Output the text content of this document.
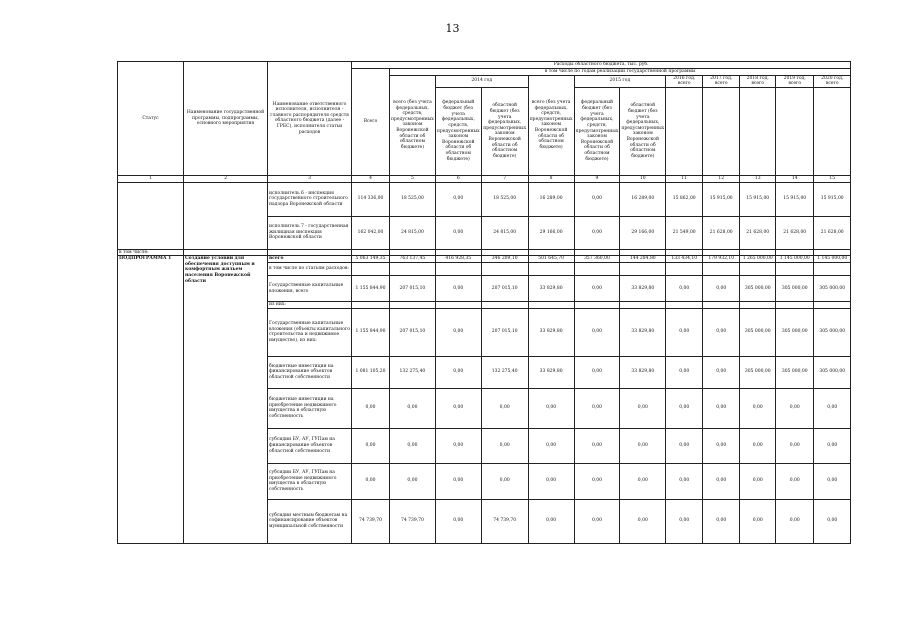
13
Статус	Наименование государственной программы, подпрограммы, основного мероприятия	Наименование ответственного исполнителя, исполнителя - главного распорядителя средств областного бюджета (далее - ГРБС), исполнителя статьи расходов	Расходы областного бюджета, тыс. руб.											
			Всего	в том числе по годам реализации государственной программы										
				всего (без учета федеральных, средств, предусмотренных законом Воронежской области об областном бюджете)	2014 год		всего (без учета федеральных, средств, предусмотренных законом Воронежской области об областном бюджете)	2015 год		2016 год, всего	2017 год, всего	2018 год, всего	2019 год, всего	2020 год, всего
					федеральный бюджет (без учета федеральных, средств, предусмотренных законом Воронежской области об областном бюджете)	областной бюджет (без учета федеральных, предусмотренных законом Воронежской области об областном бюджете)		федеральный бюджет (без учета федеральных, средств, предусмотренных законом Воронежской области об областном бюджете)	областной бюджет (без учета федеральных, предусмотренных законом Воронежской области об областном бюджете)					
1	2	3	4	5	6	7	8	9	10	11	12	13	14	15
		исполнитель 6 - инспекция государственного строительного надзора Воронежской области	114 336,00	18 525,00	0,00	18 525,00	16 289,00	0,00	16 289,00	15 862,00	15 915,00	15 915,00	15 915,00	15 915,00
		исполнитель 7 - государственная жилищная инспекция Воронежской области	162 042,00	24 815,00	0,00	24 815,00	29 166,00	0,00	29 166,00	21 549,00	21 628,00	21 628,00	21 628,00	21 628,00
в том числе:														
ПОДПРОГРАММА 1	Создание условий для обеспечения доступным и комфортным жильем населения Воронежской области	всего	5 063 149,35	763 137,45	416 928,35	346 209,10	501 645,70	357 360,00	144 284,80	133 434,10	179 932,10	1 265 000,00	1 145 000,00	1 145 000,00
		в том числе по статьям расходов:												
		Государственные капитальные вложения, всего	1 155 844,90	207 015,10	0,00	207 015,10	33 829,80	0,00	33 829,80	0,00	0,00	305 000,00	305 000,00	305 000,00
		из них:												
		Государственные капитальные вложения (объекты капитального строительства и недвижимое имущество), из них:	1 155 844,90	207 015,10	0,00	207 015,10	33 829,80	0,00	33 829,80	0,00	0,00	305 000,00	305 000,00	305 000,00
		бюджетные инвестиции на финансирование объектов областной собственности	1 081 105,20	132 275,40	0,00	132 275,40	33 829,80	0,00	33 829,80	0,00	0,00	305 000,00	305 000,00	305 000,00
		бюджетные инвестиции на приобретение недвижимого имущества в областную собственность	0,00	0,00	0,00	0,00	0,00	0,00	0,00	0,00	0,00	0,00	0,00	0,00
		субсидии БУ, АУ, ГУПам на финансирование объектов областной собственности	0,00	0,00	0,00	0,00	0,00	0,00	0,00	0,00	0,00	0,00	0,00	0,00
		субсидии БУ, АУ, ГУПам на приобретение недвижимого имущества в областную собственность	0,00	0,00	0,00	0,00	0,00	0,00	0,00	0,00	0,00	0,00	0,00	0,00
		субсидии местным бюджетам на софинансирование объектов муниципальной собственности	74 739,70	74 739,70	0,00	74 739,70	0,00	0,00	0,00	0,00	0,00	0,00	0,00	0,00
